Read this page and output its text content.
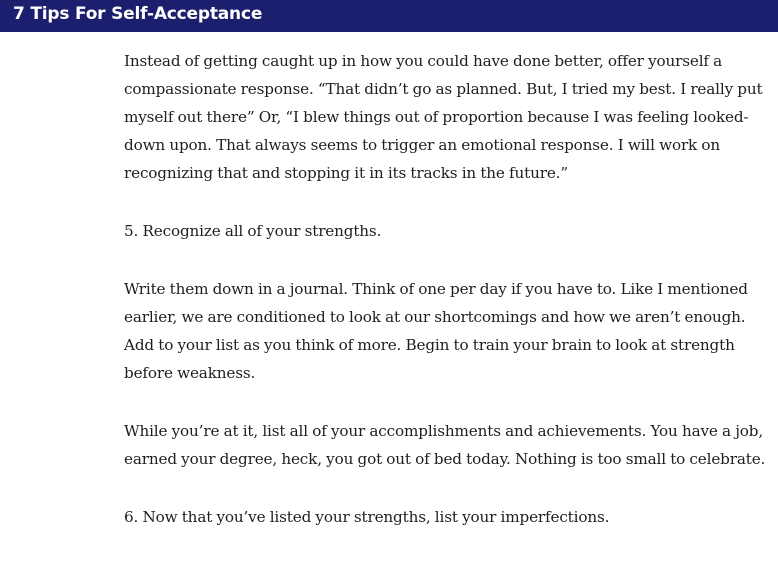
7 Tips For Self-Acceptance

Instead of getting caught up in how you could have done better, offer yourself a compassionate response. “That didn’t go as planned. But, I tried my best. I really put myself out there” Or, “I blew things out of proportion because I was feeling looked-down upon. That always seems to trigger an emotional response. I will work on recognizing that and stopping it in its tracks in the future.”

5. Recognize all of your strengths.

Write them down in a journal. Think of one per day if you have to. Like I mentioned earlier, we are conditioned to look at our shortcomings and how we aren’t enough. Add to your list as you think of more. Begin to train your brain to look at strength before weakness.

While you’re at it, list all of your accomplishments and achievements. You have a job, earned your degree, heck, you got out of bed today. Nothing is too small to celebrate.

6. Now that you’ve listed your strengths, list your imperfections.
